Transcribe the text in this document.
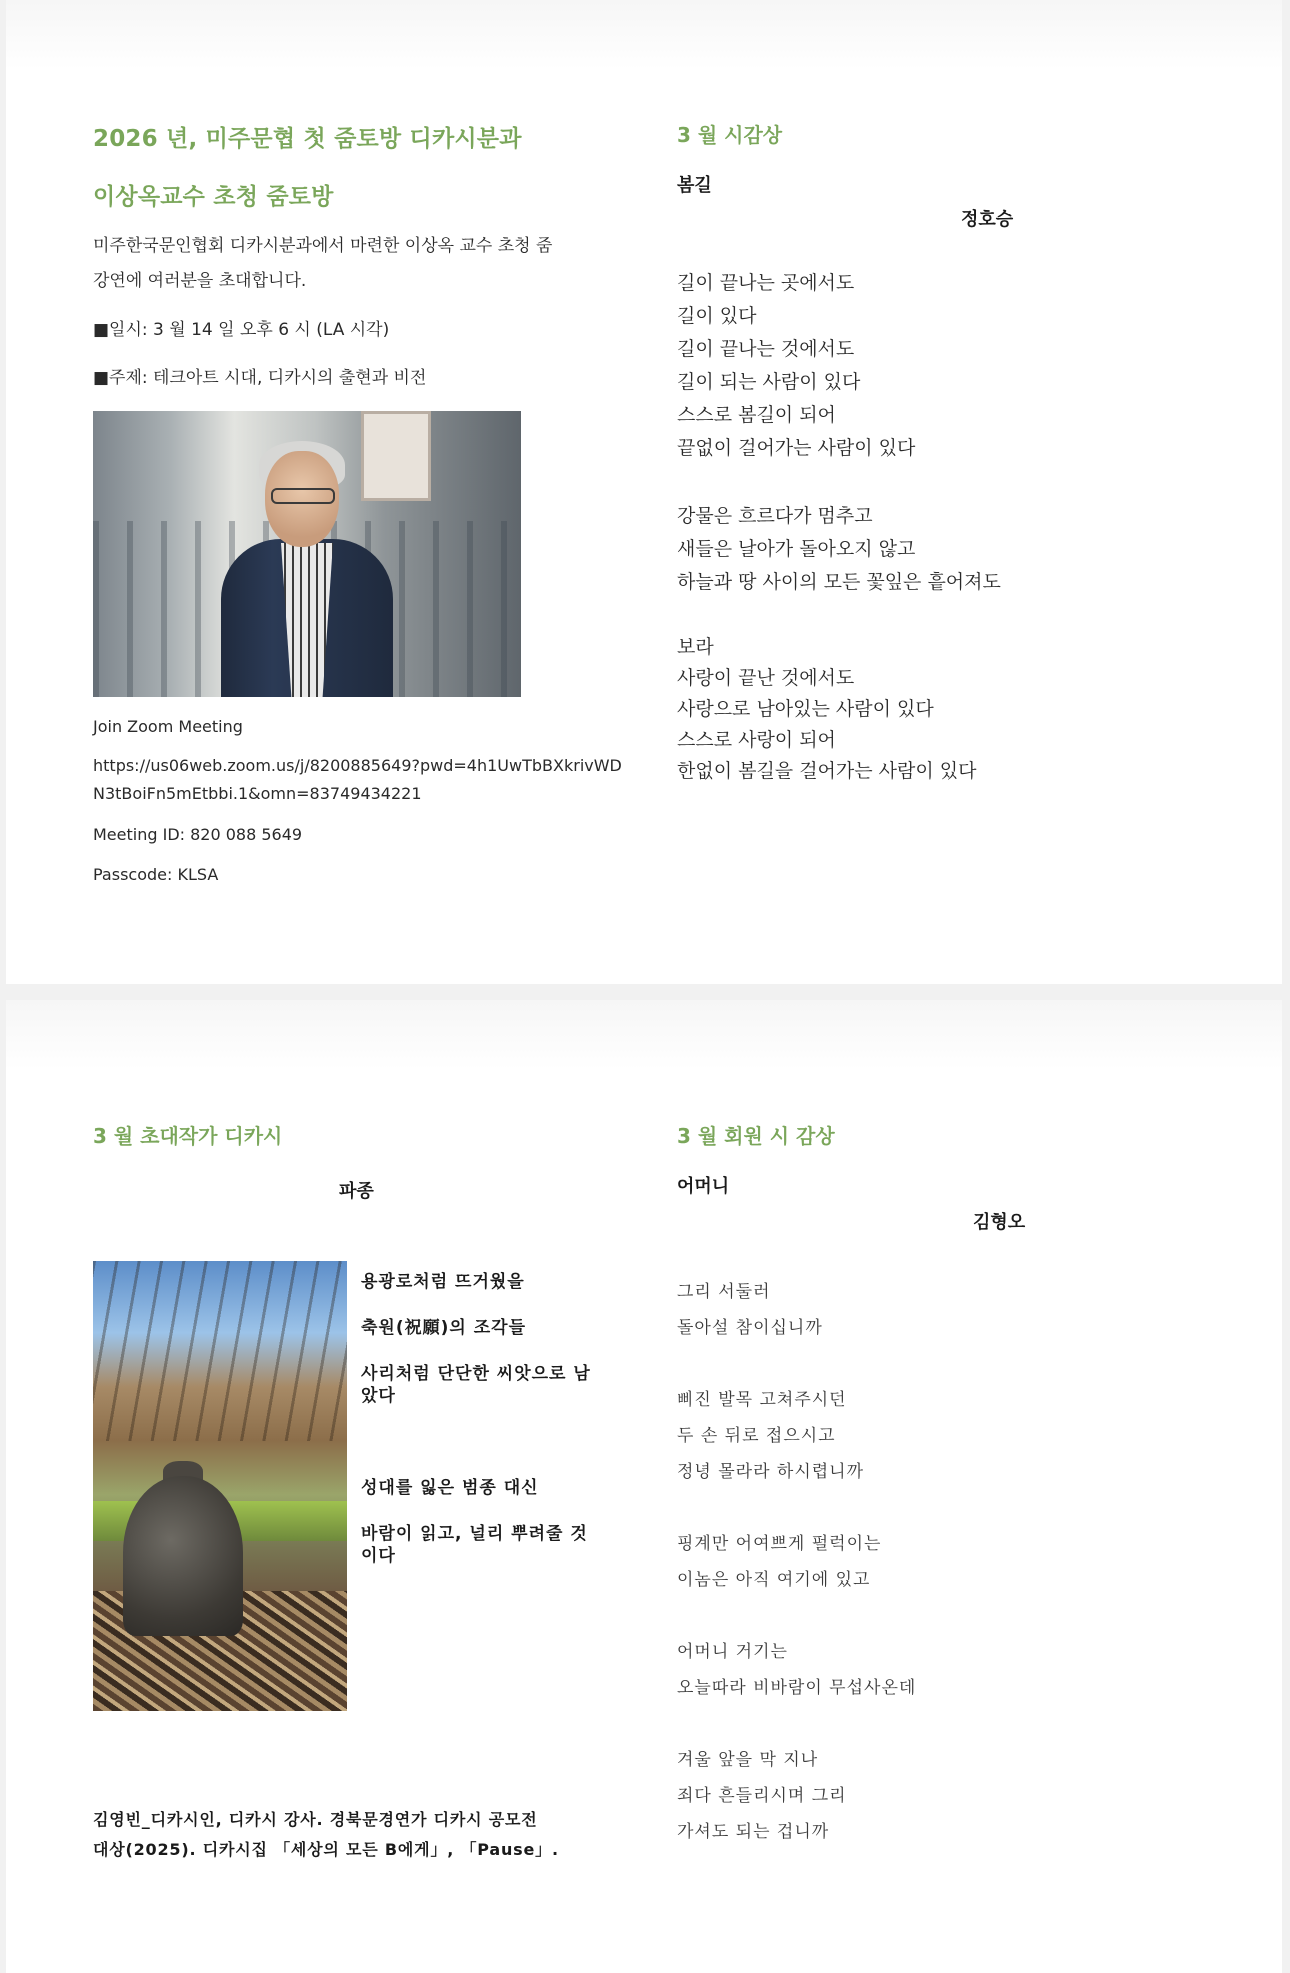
2026 년, 미주문협 첫 줌토방 디카시분과
이상옥교수 초청 줌토방
미주한국문인협회 디카시분과에서 마련한 이상옥 교수 초청 줌
강연에 여러분을 초대합니다.
■일시: 3 월 14 일 오후 6 시 (LA 시각)
■주제: 테크아트 시대, 디카시의 출현과 비전
Join Zoom Meeting
https://us06web.zoom.us/j/8200885649?pwd=4h1UwTbBXkrivWD
N3tBoiFn5mEtbbi.1&omn=83749434221
Meeting ID: 820 088 5649
Passcode: KLSA
3 월 시감상
봄길
정호승
길이 끝나는 곳에서도
길이 있다
길이 끝나는 것에서도
길이 되는 사람이 있다
스스로 봄길이 되어
끝없이 걸어가는 사람이 있다
강물은 흐르다가 멈추고
새들은 날아가 돌아오지 않고
하늘과 땅 사이의 모든 꽃잎은 흩어져도
보라
사랑이 끝난 것에서도
사랑으로 남아있는 사람이 있다
스스로 사랑이 되어
한없이 봄길을 걸어가는 사람이 있다
3 월 초대작가 디카시
파종
용광로처럼 뜨거웠을
축원(祝願)의 조각들
사리처럼 단단한 씨앗으로 남았다
성대를 잃은 범종 대신
바람이 읽고, 널리 뿌려줄 것이다
김영빈_디카시인, 디카시 강사. 경북문경연가 디카시 공모전
대상(2025). 디카시집 「세상의 모든 B에게」, 「Pause」.
3 월 회원 시 감상
어머니
김형오
그리 서둘러
돌아설 참이십니까
삐진 발목 고쳐주시던
두 손 뒤로 접으시고
정녕 몰라라 하시렵니까
핑계만 어여쁘게 펄럭이는
이놈은 아직 여기에 있고
어머니 거기는
오늘따라 비바람이 무섭사온데
겨울 앞을 막 지나
죄다 흔들리시며 그리
가셔도 되는 겁니까
